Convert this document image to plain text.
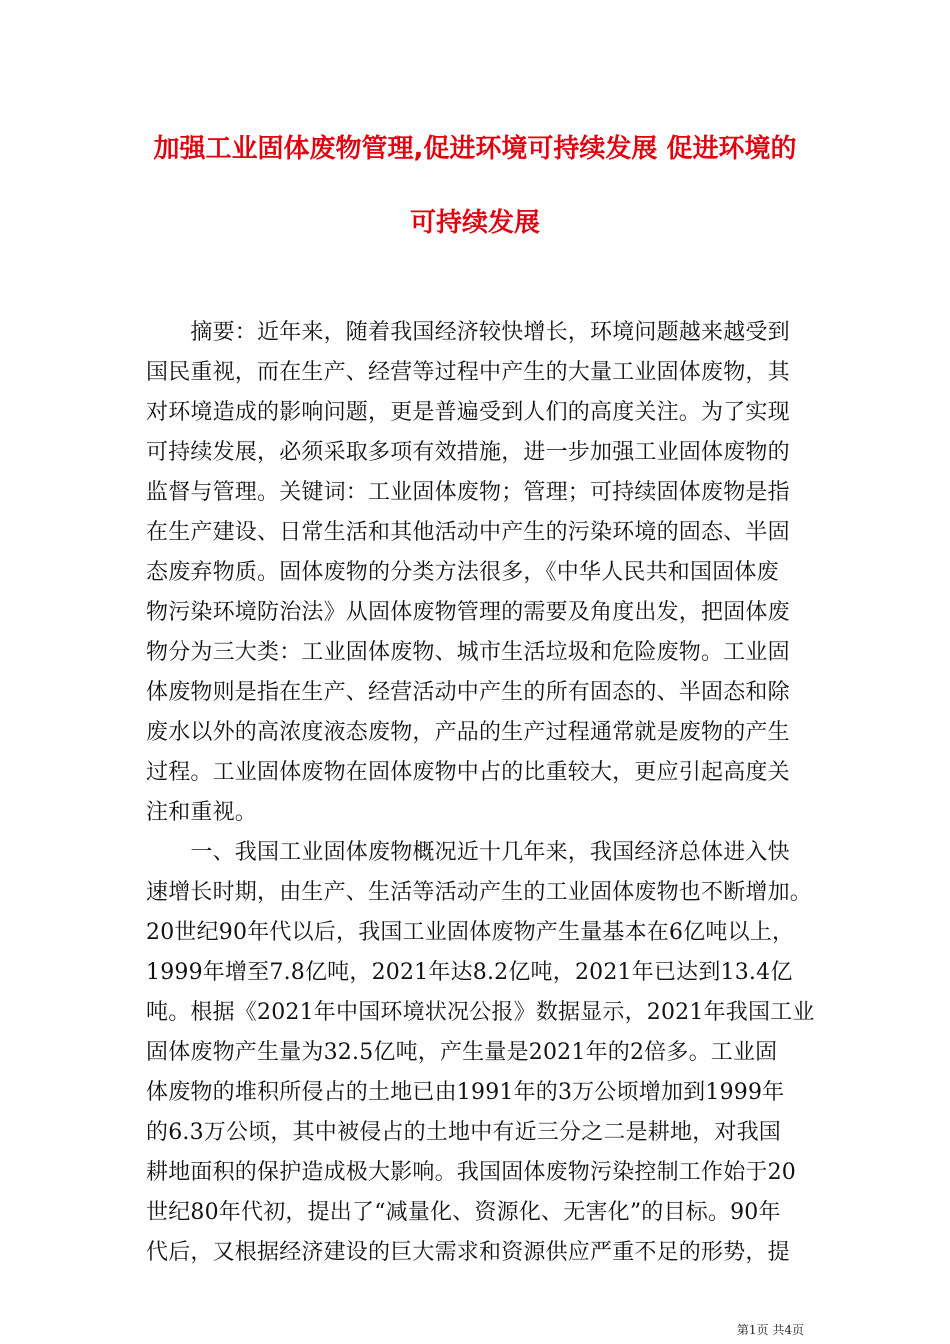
加强工业固体废物管理,促进环境可持续发展 促进环境的
可持续发展
　　摘要：近年来，随着我国经济较快增长，环境问题越来越受到
国民重视，而在生产、经营等过程中产生的大量工业固体废物，其
对环境造成的影响问题，更是普遍受到人们的高度关注。为了实现
可持续发展，必须采取多项有效措施，进一步加强工业固体废物的
监督与管理。关键词：工业固体废物；管理；可持续固体废物是指
在生产建设、日常生活和其他活动中产生的污染环境的固态、半固
态废弃物质。固体废物的分类方法很多，《中华人民共和国固体废
物污染环境防治法》从固体废物管理的需要及角度出发，把固体废
物分为三大类：工业固体废物、城市生活垃圾和危险废物。工业固
体废物则是指在生产、经营活动中产生的所有固态的、半固态和除
废水以外的高浓度液态废物，产品的生产过程通常就是废物的产生
过程。工业固体废物在固体废物中占的比重较大，更应引起高度关
注和重视。
　　一、我国工业固体废物概况近十几年来，我国经济总体进入快
速增长时期，由生产、生活等活动产生的工业固体废物也不断增加。
20世纪90年代以后，我国工业固体废物产生量基本在6亿吨以上，
1999年增至7.8亿吨，2021年达8.2亿吨，2021年已达到13.4亿
吨。根据《2021年中国环境状况公报》数据显示，2021年我国工业
固体废物产生量为32.5亿吨，产生量是2021年的2倍多。工业固
体废物的堆积所侵占的土地已由1991年的3万公顷增加到1999年
的6.3万公顷，其中被侵占的土地中有近三分之二是耕地，对我国
耕地面积的保护造成极大影响。我国固体废物污染控制工作始于20
世纪80年代初，提出了“减量化、资源化、无害化”的目标。90年
代后，又根据经济建设的巨大需求和资源供应严重不足的形势，提
第1页 共4页
